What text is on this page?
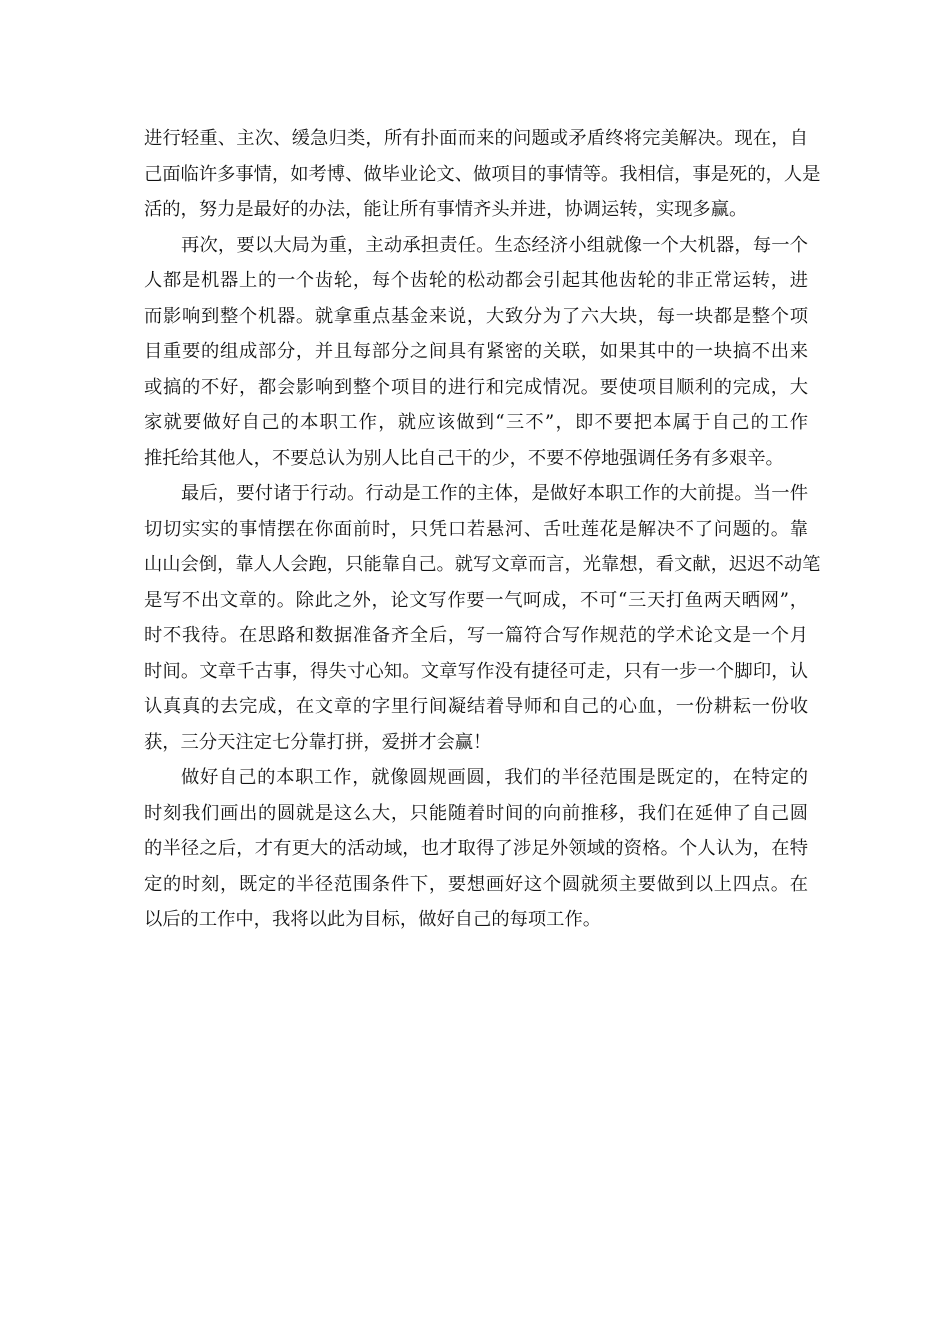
进行轻重、主次、缓急归类，所有扑面而来的问题或矛盾终将完美解决。现在，自
己面临许多事情，如考博、做毕业论文、做项目的事情等。我相信，事是死的，人是
活的，努力是最好的办法，能让所有事情齐头并进，协调运转，实现多赢。
再次，要以大局为重，主动承担责任。生态经济小组就像一个大机器，每一个
人都是机器上的一个齿轮，每个齿轮的松动都会引起其他齿轮的非正常运转，进
而影响到整个机器。就拿重点基金来说，大致分为了六大块，每一块都是整个项
目重要的组成部分，并且每部分之间具有紧密的关联，如果其中的一块搞不出来
或搞的不好，都会影响到整个项目的进行和完成情况。要使项目顺利的完成，大
家就要做好自己的本职工作，就应该做到“三不”，即不要把本属于自己的工作
推托给其他人，不要总认为别人比自己干的少，不要不停地强调任务有多艰辛。
最后，要付诸于行动。行动是工作的主体，是做好本职工作的大前提。当一件
切切实实的事情摆在你面前时，只凭口若悬河、舌吐莲花是解决不了问题的。靠
山山会倒，靠人人会跑，只能靠自己。就写文章而言，光靠想，看文献，迟迟不动笔
是写不出文章的。除此之外，论文写作要一气呵成，不可“三天打鱼两天晒网”，
时不我待。在思路和数据准备齐全后，写一篇符合写作规范的学术论文是一个月
时间。文章千古事，得失寸心知。文章写作没有捷径可走，只有一步一个脚印，认
认真真的去完成，在文章的字里行间凝结着导师和自己的心血，一份耕耘一份收
获，三分天注定七分靠打拼，爱拼才会赢！
做好自己的本职工作，就像圆规画圆，我们的半径范围是既定的，在特定的
时刻我们画出的圆就是这么大，只能随着时间的向前推移，我们在延伸了自己圆
的半径之后，才有更大的活动域，也才取得了涉足外领域的资格。个人认为，在特
定的时刻，既定的半径范围条件下，要想画好这个圆就须主要做到以上四点。在
以后的工作中，我将以此为目标，做好自己的每项工作。
